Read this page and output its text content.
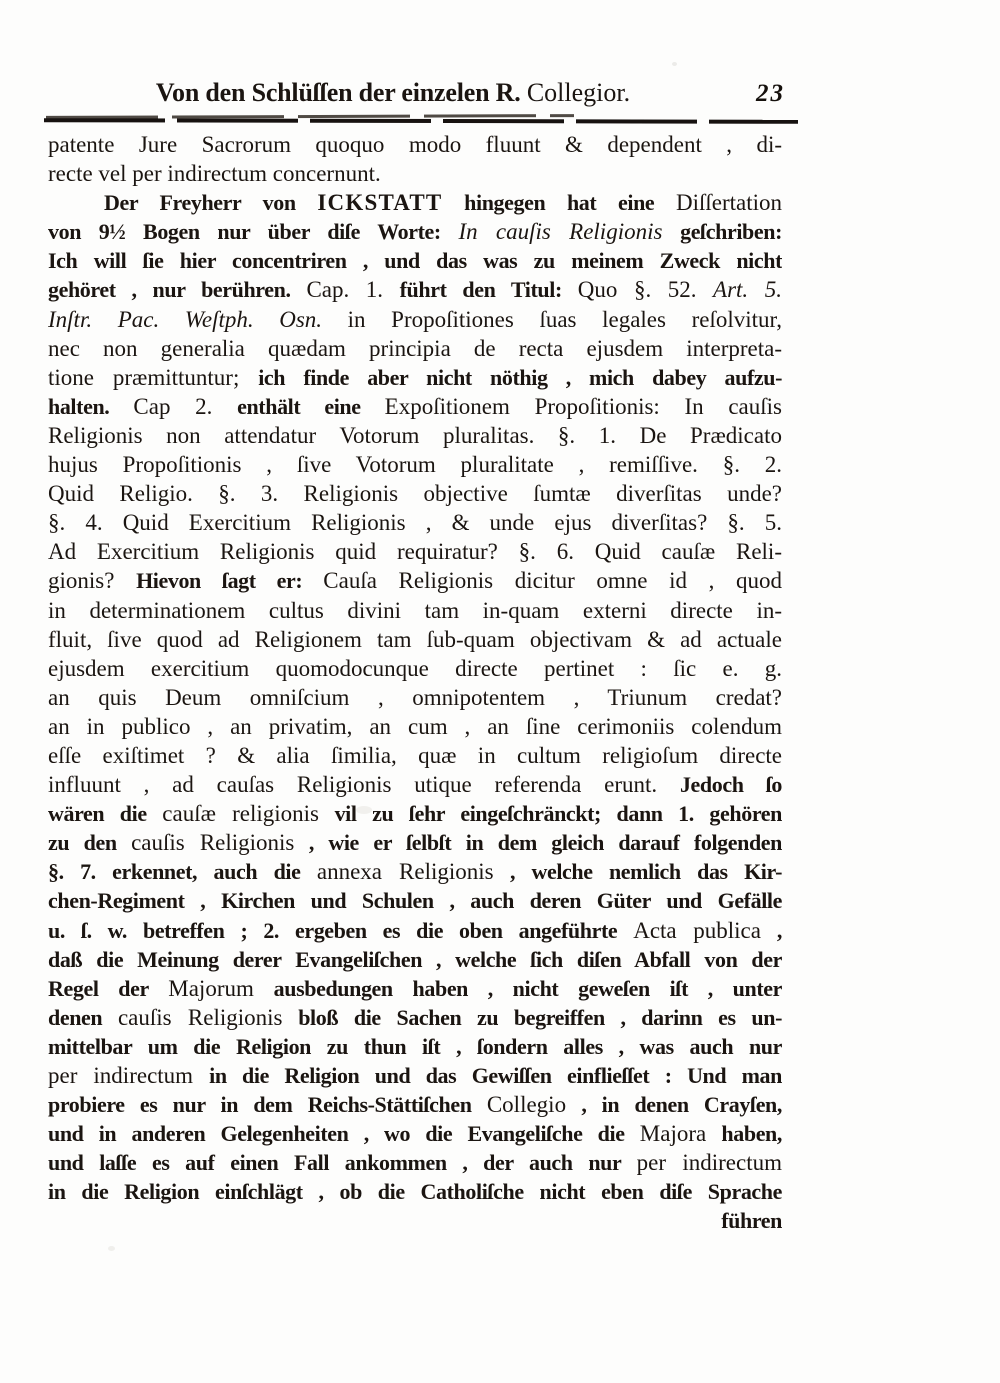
Von den Schlüſſen der einzelen R. Collegior.	23
patente Jure Sacrorum quoquo modo fluunt & dependent , di-
recte vel per indirectum concernunt.
Der Freyherr von ICKSTATT hingegen hat eine Diſſertation
von 9½ Bogen nur über diſe Worte: In cauſis Religionis geſchriben:
Ich will ſie hier concentriren , und das was zu meinem Zweck nicht
gehöret , nur berühren. Cap. 1. führt den Titul: Quo §. 52. Art. 5.
Inſtr. Pac. Weſtph. Osn. in Propoſitiones ſuas legales reſolvitur,
nec non generalia quædam principia de recta ejusdem interpreta-
tione præmittuntur; ich finde aber nicht nöthig , mich dabey aufzu-
halten. Cap 2. enthält eine Expoſitionem Propoſitionis: In cauſis
Religionis non attendatur Votorum pluralitas. §. 1. De Prædicato
hujus Propoſitionis , ſive Votorum pluralitate , remiſſive. §. 2.
Quid Religio. §. 3. Religionis objective ſumtæ diverſitas unde?
§. 4. Quid Exercitium Religionis , & unde ejus diverſitas? §. 5.
Ad Exercitium Religionis quid requiratur? §. 6. Quid cauſæ Reli-
gionis? Hievon ſagt er: Cauſa Religionis dicitur omne id , quod
in determinationem cultus divini tam in-quam externi directe in-
fluit, ſive quod ad Religionem tam ſub-quam objectivam & ad actuale
ejusdem exercitium quomodocunque directe pertinet : ſic e. g.
an quis Deum omniſcium , omnipotentem , Triunum credat?
an in publico , an privatim, an cum , an ſine cerimoniis colendum
eſſe exiſtimet ? & alia ſimilia, quæ in cultum religioſum directe
influunt , ad cauſas Religionis utique referenda erunt. Jedoch ſo
wären die cauſæ religionis vil zu ſehr eingeſchränckt; dann 1. gehören
zu den cauſis Religionis , wie er ſelbſt in dem gleich darauf folgenden
§. 7. erkennet, auch die annexa Religionis , welche nemlich das Kir-
chen-Regiment , Kirchen und Schulen , auch deren Güter und Gefälle
u. ſ. w. betreffen ; 2. ergeben es die oben angeführte Acta publica ,
daß die Meinung derer Evangeliſchen , welche ſich diſen Abfall von der
Regel der Majorum ausbedungen haben , nicht geweſen iſt , unter
denen cauſis Religionis bloß die Sachen zu begreiffen , darinn es un-
mittelbar um die Religion zu thun iſt , ſondern alles , was auch nur
per indirectum in die Religion und das Gewiſſen einflieſſet : Und man
probiere es nur in dem Reichs-Stättiſchen Collegio , in denen Crayſen,
und in anderen Gelegenheiten , wo die Evangeliſche die Majora haben,
und laſſe es auf einen Fall ankommen , der auch nur per indirectum
in die Religion einſchlägt , ob die Catholiſche nicht eben diſe Sprache
führen
